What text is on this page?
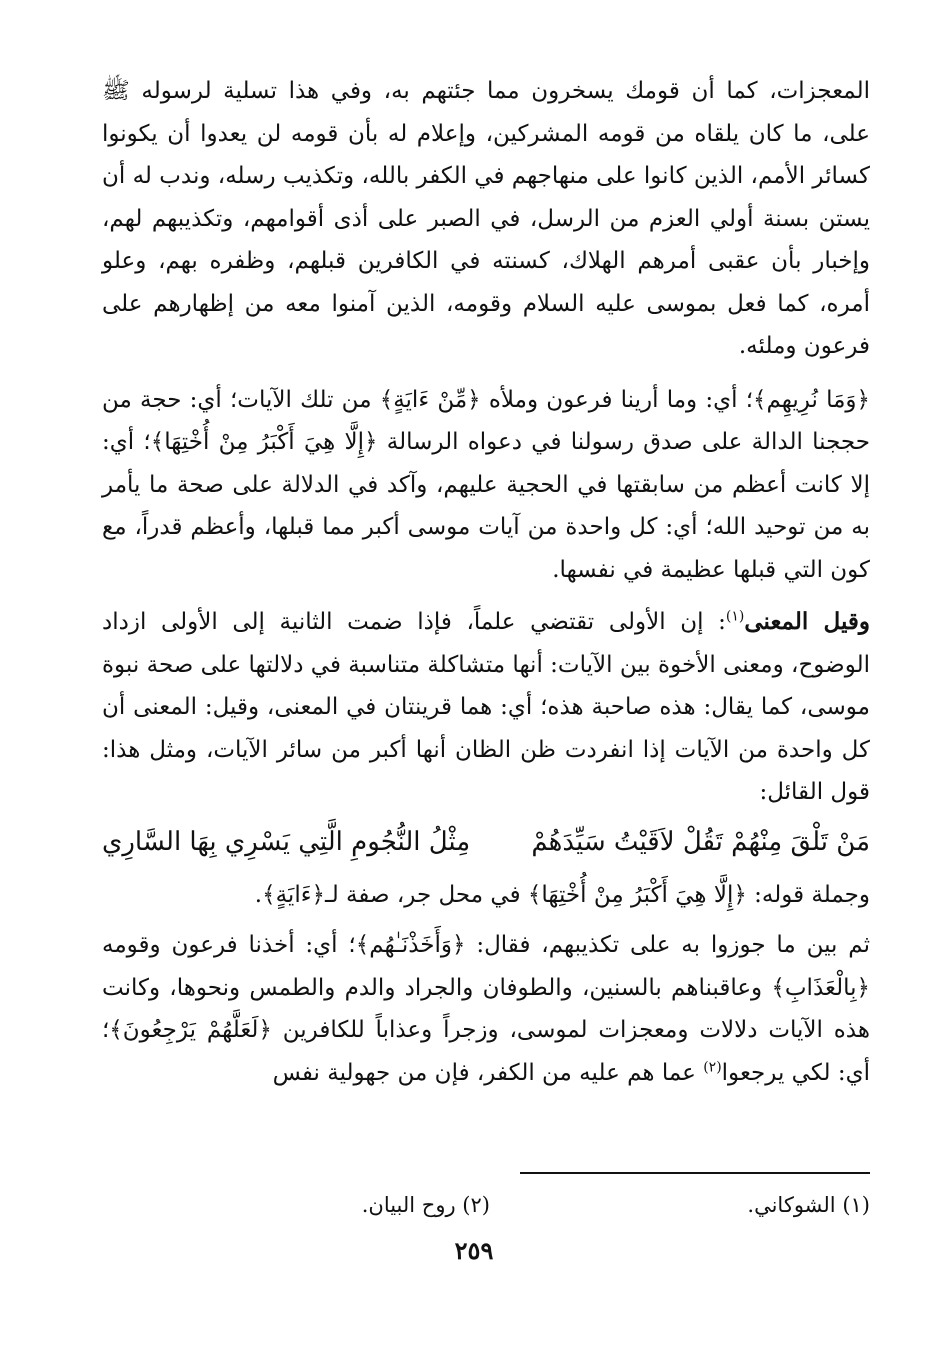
المعجزات، كما أن قومك يسخرون مما جئتهم به، وفي هذا تسلية لرسوله ﷺ على، ما كان يلقاه من قومه المشركين، وإعلام له بأن قومه لن يعدوا أن يكونوا كسائر الأمم، الذين كانوا على منهاجهم في الكفر بالله، وتكذيب رسله، وندب له أن يستن بسنة أولي العزم من الرسل، في الصبر على أذى أقوامهم، وتكذيبهم لهم، وإخبار بأن عقبى أمرهم الهلاك، كسنته في الكافرين قبلهم، وظفره بهم، وعلو أمره، كما فعل بموسى عليه السلام وقومه، الذين آمنوا معه من إظهارهم على فرعون وملئه.

﴿وَمَا نُرِيهِم﴾؛ أي: وما أرينا فرعون وملأه ﴿مِّنْ ءَايَةٍ﴾ من تلك الآيات؛ أي: حجة من حججنا الدالة على صدق رسولنا في دعواه الرسالة ﴿إِلَّا هِيَ أَكْبَرُ مِنْ أُخْتِهَا﴾؛ أي: إلا كانت أعظم من سابقتها في الحجية عليهم، وآكد في الدلالة على صحة ما يأمر به من توحيد الله؛ أي: كل واحدة من آيات موسى أكبر مما قبلها، وأعظم قدراً، مع كون التي قبلها عظيمة في نفسها.

وقيل المعنى$^{(١)}$: إن الأولى تقتضي علماً، فإذا ضمت الثانية إلى الأولى ازداد الوضوح، ومعنى الأخوة بين الآيات: أنها متشاكلة متناسبة في دلالتها على صحة نبوة موسى، كما يقال: هذه صاحبة هذه؛ أي: هما قرينتان في المعنى، وقيل: المعنى أن كل واحدة من الآيات إذا انفردت ظن الظان أنها أكبر من سائر الآيات، ومثل هذا: قول القائل:

مَنْ تَلْقَ مِنْهُمْ تَقُلْ لاَقَيْتُ سَيِّدَهُمْ
مِثْلُ النُّجُومِ الَّتِي يَسْرِي بِهَا السَّارِي

وجملة قوله: ﴿إِلَّا هِيَ أَكْبَرُ مِنْ أُخْتِهَا﴾ في محل جر، صفة لـ﴿ءَايَةٍ﴾.

ثم بين ما جوزوا به على تكذيبهم، فقال: ﴿وَأَخَذْنَـٰهُم﴾؛ أي: أخذنا فرعون وقومه ﴿بِالْعَذَابِ﴾ وعاقبناهم بالسنين، والطوفان والجراد والدم والطمس ونحوها، وكانت هذه الآيات دلالات ومعجزات لموسى، وزجراً وعذاباً للكافرين ﴿لَعَلَّهُمْ يَرْجِعُونَ﴾؛ أي: لكي يرجعوا$^{(٢)}$ عما هم عليه من الكفر، فإن من جهولية نفس

(١) الشوكاني.
(٢) روح البيان.
٢٥٩
